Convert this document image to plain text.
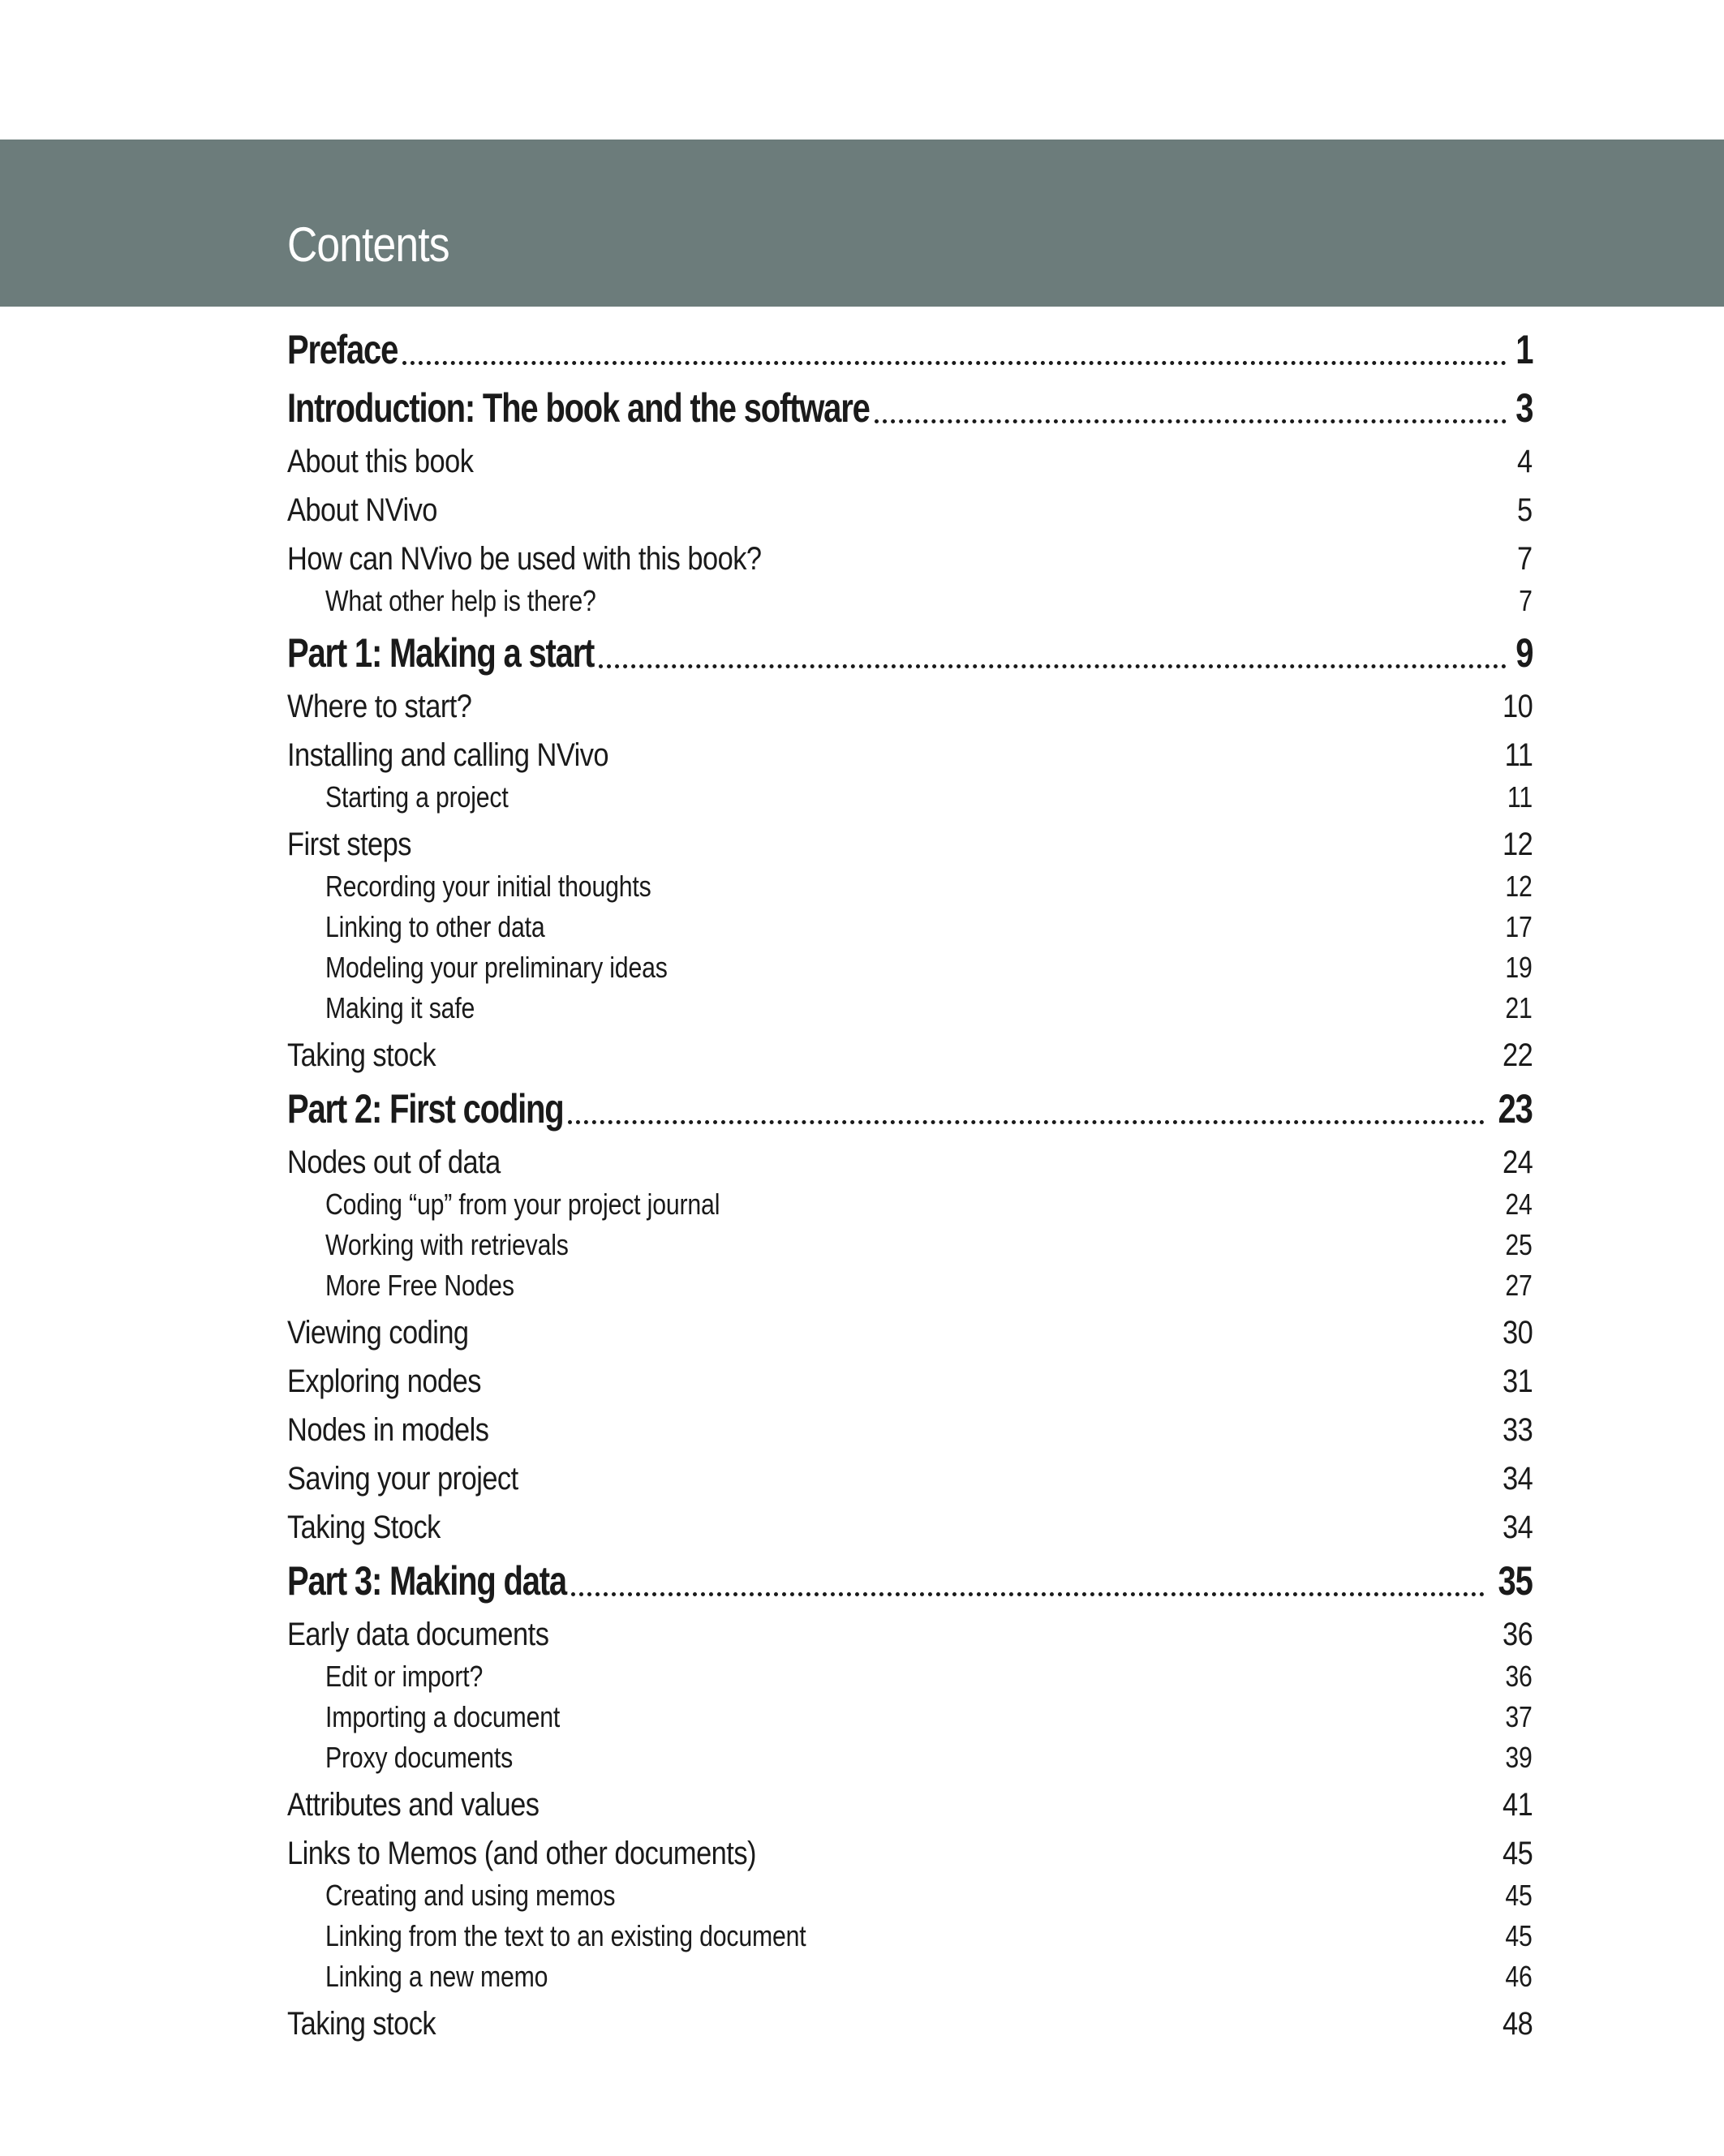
Contents
Preface	1
Introduction: The book and the software	3
About this book	4
About NVivo	5
How can NVivo be used with this book?	7
What other help is there?	7
Part 1: Making a start	9
Where to start?	10
Installing and calling NVivo	11
Starting a project	11
First steps	12
Recording your initial thoughts	12
Linking to other data	17
Modeling your preliminary ideas	19
Making it safe	21
Taking stock	22
Part 2: First coding	23
Nodes out of data	24
Coding “up” from your project journal	24
Working with retrievals	25
More Free Nodes	27
Viewing coding	30
Exploring nodes	31
Nodes in models	33
Saving your project	34
Taking Stock	34
Part 3: Making data	35
Early data documents	36
Edit or import?	36
Importing a document	37
Proxy documents	39
Attributes and values	41
Links to Memos (and other documents)	45
Creating and using memos	45
Linking from the text to an existing document	45
Linking a new memo	46
Taking stock	48
